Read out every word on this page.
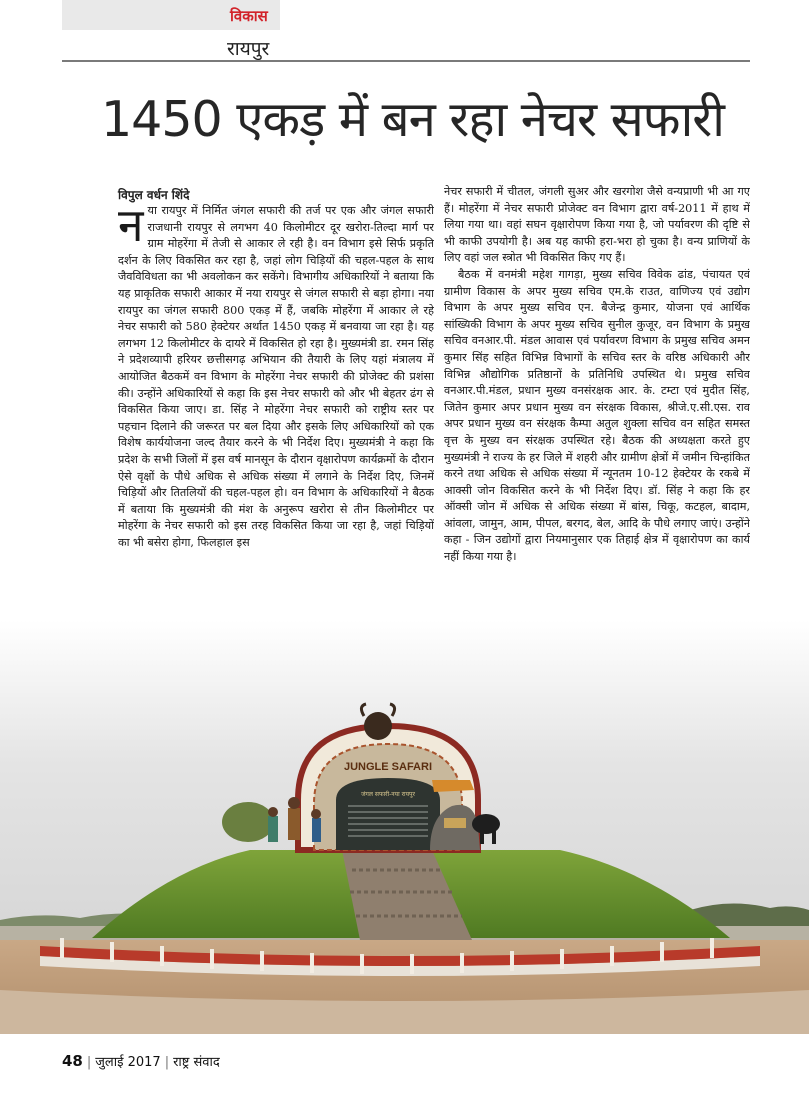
विकास
रायपुर
1450 एकड़ में बन रहा नेचर सफारी
विपुल वर्धन शिंदे
JUNGLE SAFARI
जंगल सफारी-नया रायपुर

नया रायपुर में निर्मित जंगल सफारी की तर्ज पर एक और जंगल सफारी राजधानी रायपुर से लगभग 40 किलोमीटर दूर खरोरा-तिल्दा मार्ग पर ग्राम मोहरेंगा में तेजी से आकार ले रही है। वन विभाग इसे सिर्फ प्रकृति दर्शन के लिए विकसित कर रहा है, जहां लोग चिड़ियों की चहल-पहल के साथ जैवविविधता का भी अवलोकन कर सकेंगे। विभागीय अधिकारियों ने बताया कि यह प्राकृतिक सफारी आकार में नया रायपुर से जंगल सफारी से बड़ा होगा। नया रायपुर का जंगल सफारी 800 एकड़ में हैं, जबकि मोहरेंगा में आकार ले रहे नेचर सफारी को 580 हेक्टेयर अर्थात 1450 एकड़ में बनवाया जा रहा है। यह लगभग 12 किलोमीटर के दायरे में विकसित हो रहा है। मुख्यमंत्री डा. रमन सिंह ने प्रदेशव्यापी हरियर छत्तीसगढ़ अभियान की तैयारी के लिए यहां मंत्रालय में आयोजित बैठकमें वन विभाग के मोहरेंगा नेचर सफारी की प्रोजेक्ट की प्रशंसा की। उन्होंने अधिकारियों से कहा कि इस नेचर सफारी को और भी बेहतर ढंग से विकसित किया जाए। डा. सिंह ने मोहरेंगा नेचर सफारी को राष्ट्रीय स्तर पर पहचान दिलाने की जरूरत पर बल दिया और इसके लिए अधिकारियों को एक विशेष कार्ययोजना जल्द तैयार करने के भी निर्देश दिए। मुख्यमंत्री ने कहा कि प्रदेश के सभी जिलों में इस वर्ष मानसून के दौरान वृक्षारोपण कार्यक्रमों के दौरान ऐसे वृक्षों के पौधे अधिक से अधिक संख्या में लगाने के निर्देश दिए, जिनमें चिड़ियों और तितलियों की चहल-पहल हो। वन विभाग के अधिकारियों ने बैठक में बताया कि मुख्यमंत्री की मंश के अनुरूप खरोरा से तीन किलोमीटर पर मोहरेंगा के नेचर सफारी को इस तरह विकसित किया जा रहा है, जहां चिड़ियों का भी बसेरा होगा, फिलहाल इस

नेचर सफारी में चीतल, जंगली सुअर और खरगोश जैसे वन्यप्राणी भी आ गए हैं। मोहरेंगा में नेचर सफारी प्रोजेक्ट वन विभाग द्वारा वर्ष-2011 में हाथ में लिया गया था। वहां सघन वृक्षारोपण किया गया है, जो पर्यावरण की दृष्टि से भी काफी उपयोगी है। अब यह काफी हरा-भरा हो चुका है। वन्य प्राणियों के लिए वहां जल स्त्रोत भी विकसित किए गए हैं।

बैठक में वनमंत्री महेश गागड़ा, मुख्य सचिव विवेक ढांड, पंचायत एवं ग्रामीण विकास के अपर मुख्य सचिव एम.के राउत, वाणिज्य एवं उद्योग विभाग के अपर मुख्य सचिव एन. बैजेन्द्र कुमार, योजना एवं आर्थिक सांख्यिकी विभाग के अपर मुख्य सचिव सुनील कुजूर, वन विभाग के प्रमुख सचिव वनआर.पी. मंडल आवास एवं पर्यावरण विभाग के प्रमुख सचिव अमन कुमार सिंह सहित विभिन्न विभागों के सचिव स्तर के वरिष्ठ अधिकारी और विभिन्न औद्योगिक प्रतिष्ठानों के प्रतिनिधि उपस्थित थे। प्रमुख सचिव वनआर.पी.मंडल, प्रधान मुख्य वनसंरक्षक आर. के. टम्टा एवं मुदीत सिंह, जितेन कुमार अपर प्रधान मुख्य वन संरक्षक विकास, श्रीजे.ए.सी.एस. राव अपर प्रधान मुख्य वन संरक्षक कैम्पा अतुल शुक्ला सचिव वन सहित समस्त वृत्त के मुख्य वन संरक्षक उपस्थित रहे। बैठक की अध्यक्षता करते हुए मुख्यमंत्री ने राज्य के हर जिले में शहरी और ग्रामीण क्षेत्रों में जमीन चिन्हांकित करने तथा अधिक से अधिक संख्या में न्यूनतम 10-12 हेक्टेयर के रकबे में आक्सी जोन विकसित करने के भी निर्देश दिए। डॉ. सिंह ने कहा कि हर ऑक्सी जोन में अधिक से अधिक संख्या में बांस, चिकू, कटहल, बादाम, आंवला, जामुन, आम, पीपल, बरगद, बेल, आदि के पौधे लगाए जाएं। उन्होंने कहा - जिन उद्योगों द्वारा नियमानुसार एक तिहाई क्षेत्र में वृक्षारोपण का कार्य नहीं किया गया है।

48 | जुलाई 2017 | राष्ट्र संवाद
